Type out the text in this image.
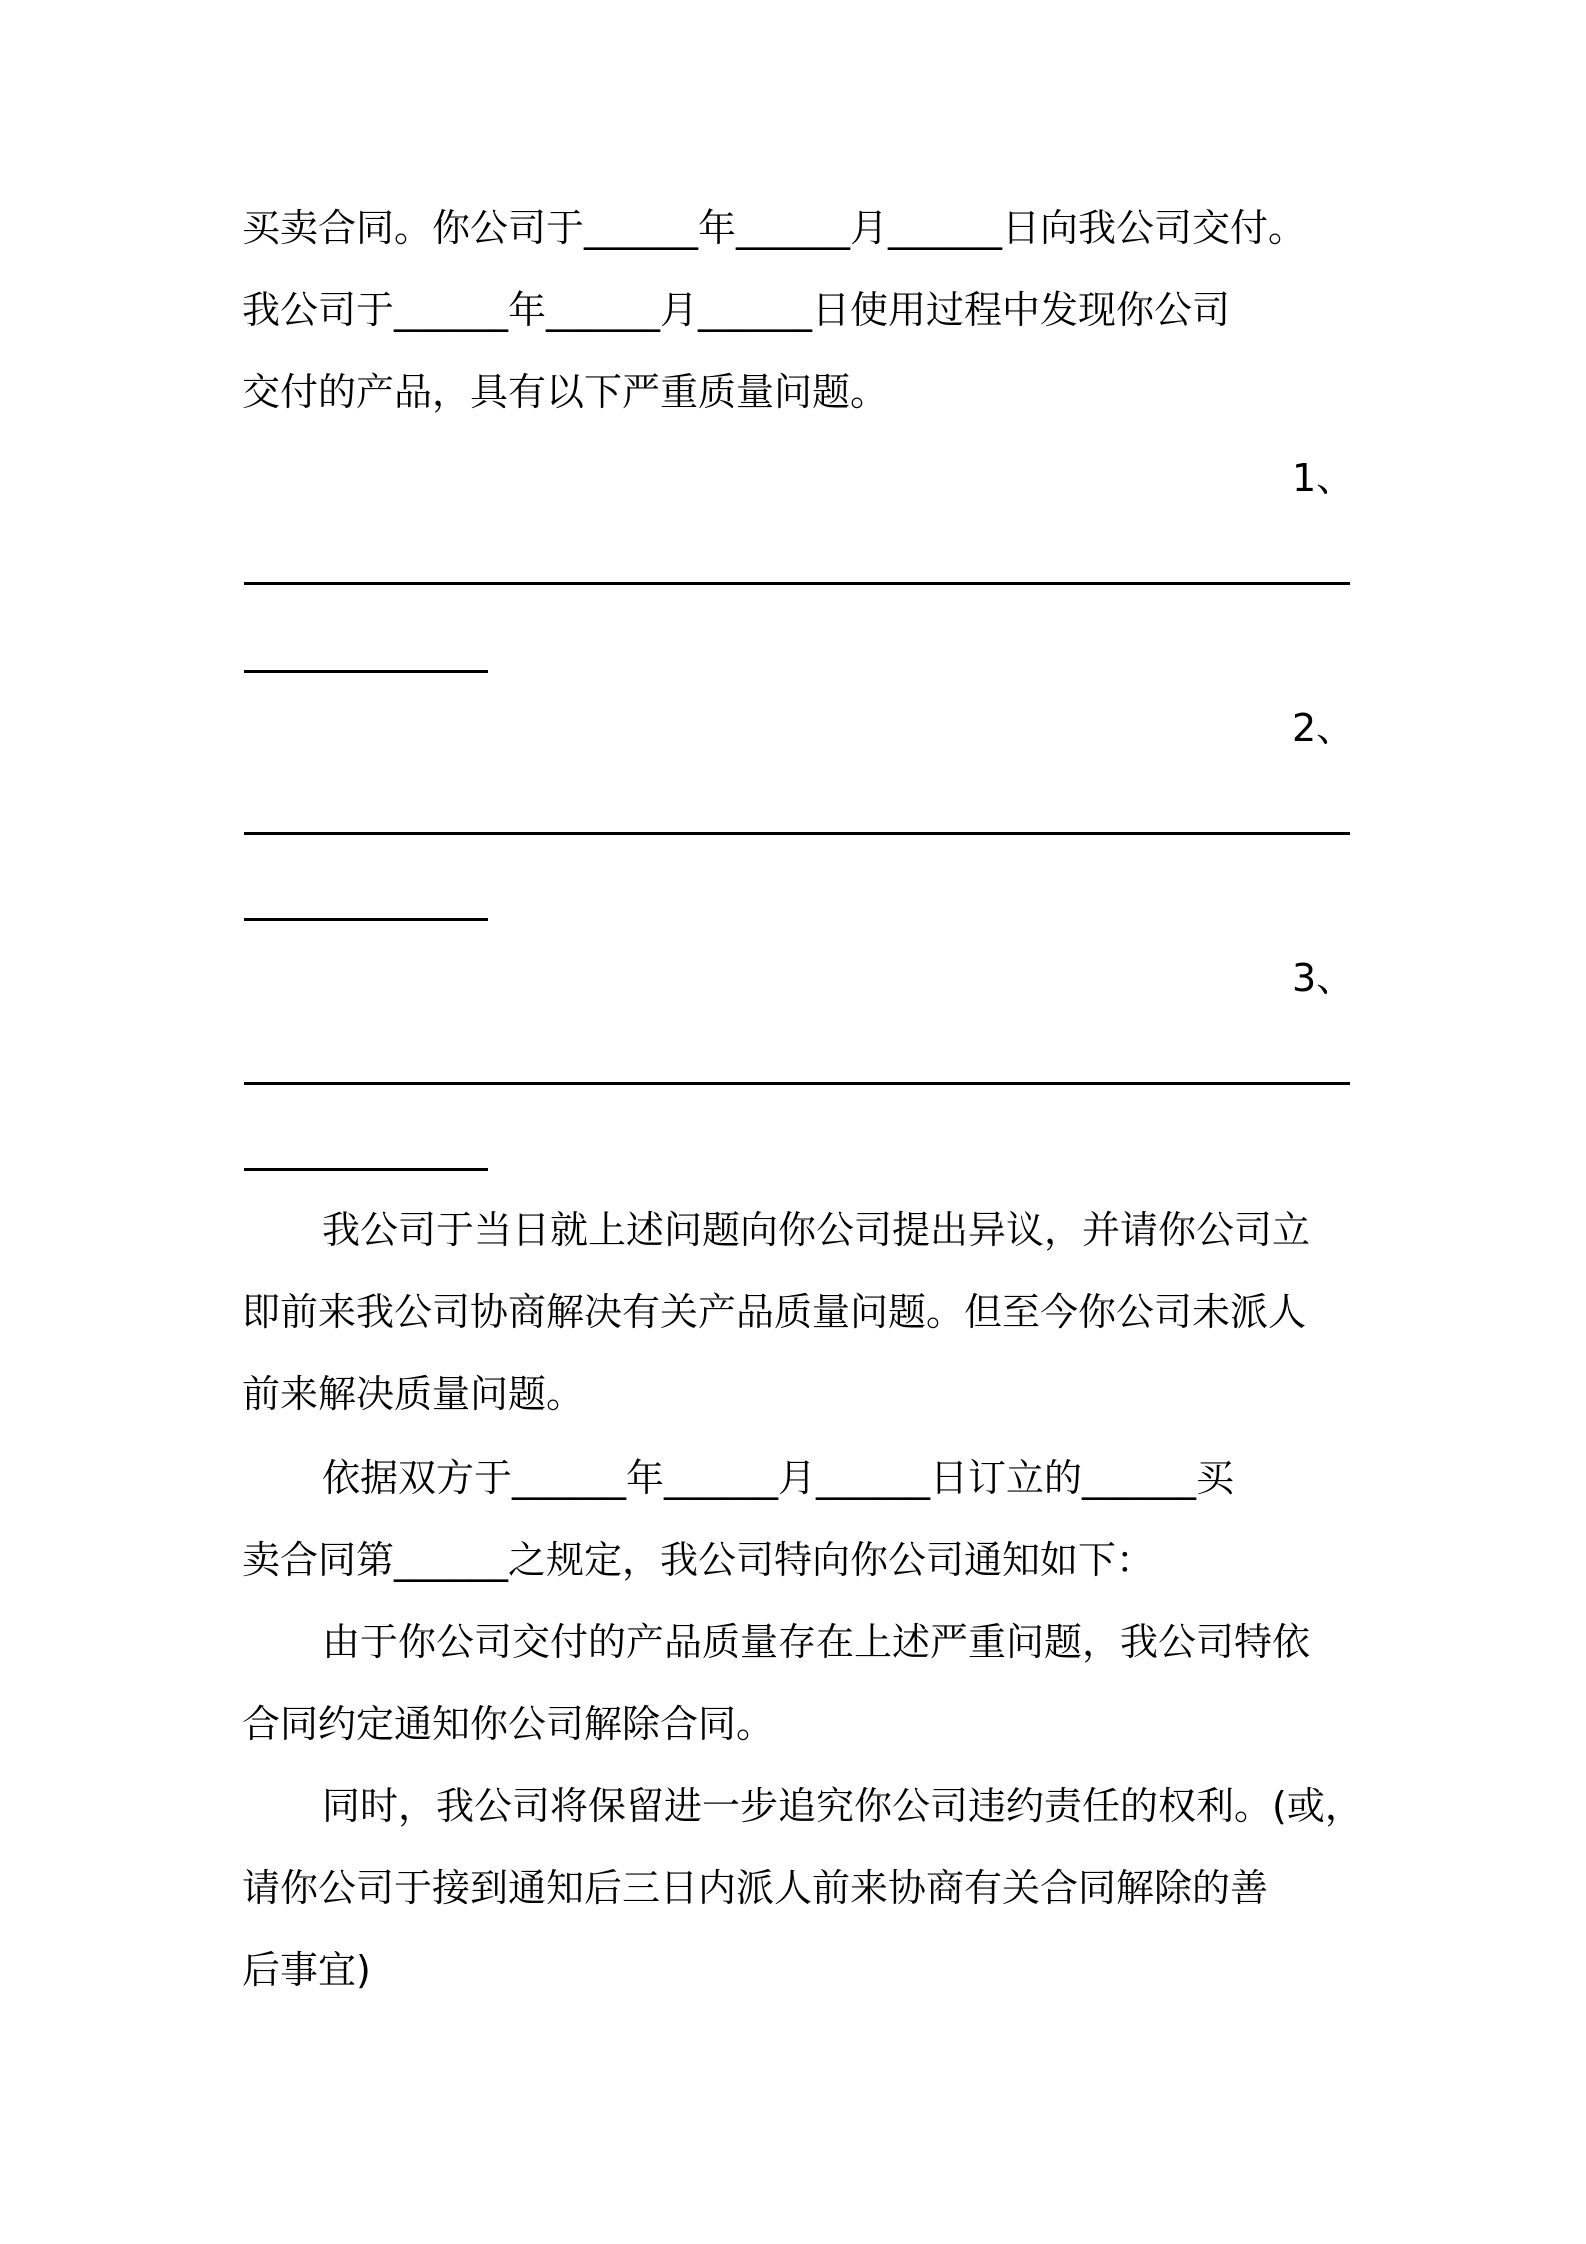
买卖合同。你公司于______年______月______日向我公司交付。
我公司于______年______月______日使用过程中发现你公司
交付的产品，具有以下严重质量问题。
1、
2、
3、
我公司于当日就上述问题向你公司提出异议，并请你公司立
即前来我公司协商解决有关产品质量问题。但至今你公司未派人
前来解决质量问题。
依据双方于______年______月______日订立的______买
卖合同第______之规定，我公司特向你公司通知如下：
由于你公司交付的产品质量存在上述严重问题，我公司特依
合同约定通知你公司解除合同。
同时，我公司将保留进一步追究你公司违约责任的权利。(或，
请你公司于接到通知后三日内派人前来协商有关合同解除的善
后事宜)
